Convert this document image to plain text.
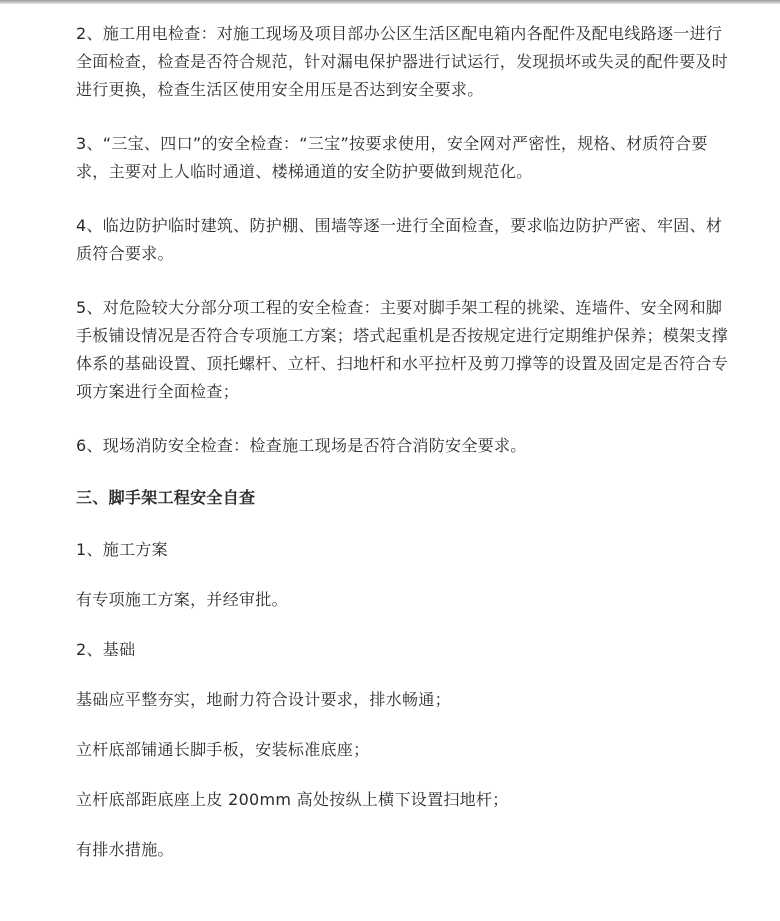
2、施工用电检查：对施工现场及项目部办公区生活区配电箱内各配件及配电线路逐一进行全面检查，检查是否符合规范，针对漏电保护器进行试运行，发现损坏或失灵的配件要及时进行更换，检查生活区使用安全用压是否达到安全要求。

3、“三宝、四口”的安全检查：“三宝”按要求使用，安全网对严密性，规格、材质符合要求，主要对上人临时通道、楼梯通道的安全防护要做到规范化。

4、临边防护临时建筑、防护棚、围墙等逐一进行全面检查，要求临边防护严密、牢固、材质符合要求。

5、对危险较大分部分项工程的安全检查：主要对脚手架工程的挑梁、连墙件、安全网和脚手板铺设情况是否符合专项施工方案；塔式起重机是否按规定进行定期维护保养；模架支撑体系的基础设置、顶托螺杆、立杆、扫地杆和水平拉杆及剪刀撑等的设置及固定是否符合专项方案进行全面检查；

6、现场消防安全检查：检查施工现场是否符合消防安全要求。

三、脚手架工程安全自查

1、施工方案

有专项施工方案，并经审批。

2、基础

基础应平整夯实，地耐力符合设计要求，排水畅通；

立杆底部铺通长脚手板，安装标准底座；

立杆底部距底座上皮 200mm 高处按纵上横下设置扫地杆；

有排水措施。
